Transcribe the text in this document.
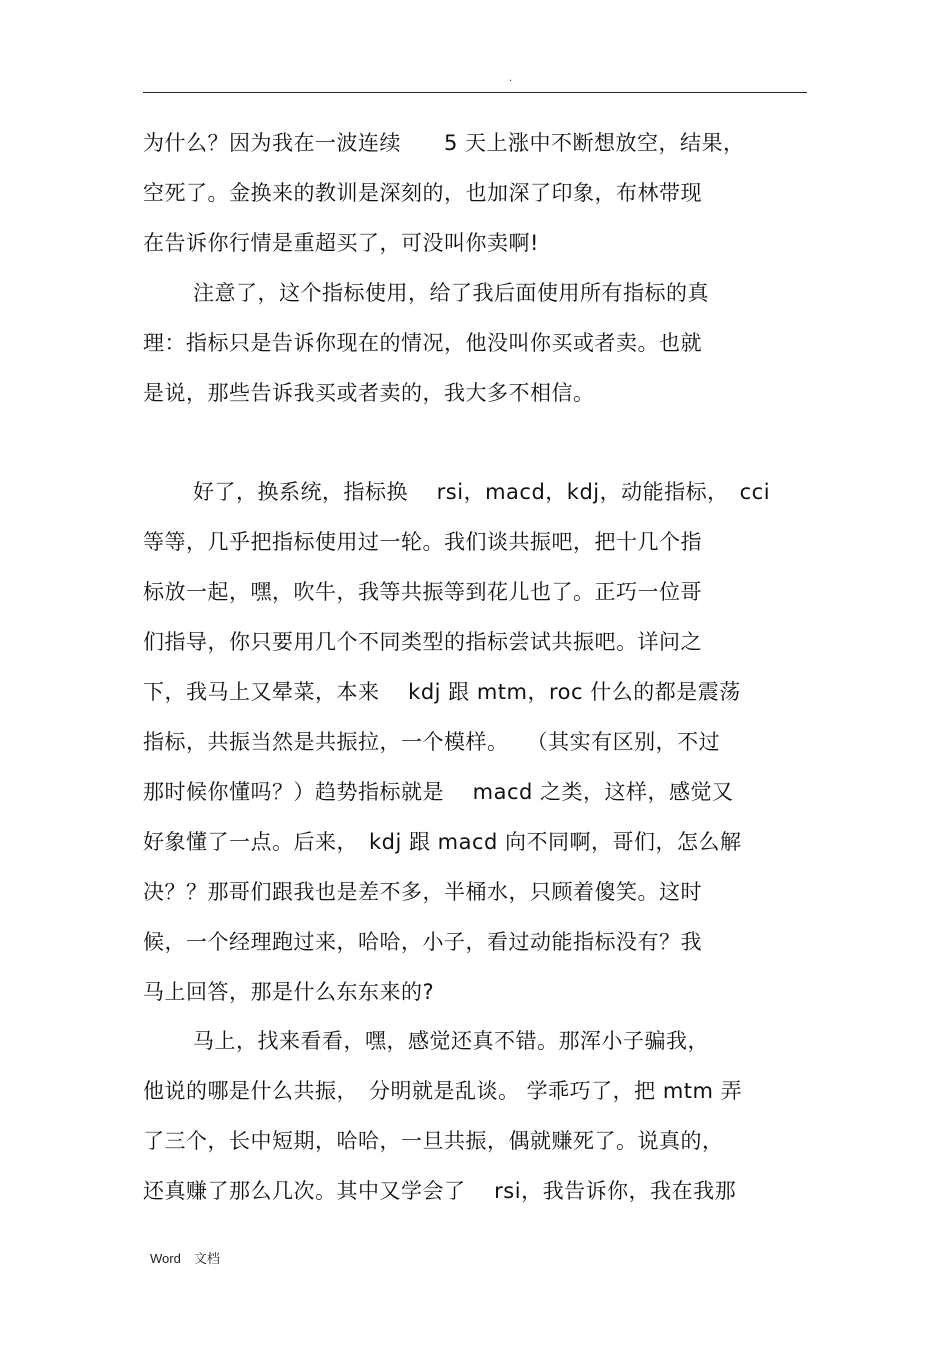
.
为什么？因为我在一波连续　　5 天上涨中不断想放空，结果，
空死了。金换来的教训是深刻的，也加深了印象，布林带现
在告诉你行情是重超买了，可没叫你卖啊!
注意了，这个指标使用，给了我后面使用所有指标的真
理：指标只是告诉你现在的情况，他没叫你买或者卖。也就
是说，那些告诉我买或者卖的，我大多不相信。
好了，换系统，指标换　 rsi，macd，kdj，动能指标，　cci
等等，几乎把指标使用过一轮。我们谈共振吧，把十几个指
标放一起，嘿，吹牛，我等共振等到花儿也了。正巧一位哥
们指导，你只要用几个不同类型的指标尝试共振吧。详问之
下，我马上又晕菜，本来　 kdj 跟 mtm，roc 什么的都是震荡
指标，共振当然是共振拉，一个模样。　 （其实有区别，不过
那时候你懂吗？）趋势指标就是　 macd 之类，这样，感觉又
好象懂了一点。后来，　kdj 跟 macd 向不同啊，哥们，怎么解
决？？那哥们跟我也是差不多，半桶水，只顾着傻笑。这时
候，一个经理跑过来，哈哈，小子，看过动能指标没有？我
马上回答，那是什么东东来的?
马上，找来看看，嘿，感觉还真不错。那浑小子骗我，
他说的哪是什么共振，　分明就是乱谈。 学乖巧了，把 mtm 弄
了三个，长中短期，哈哈，一旦共振，偶就赚死了。说真的，
还真赚了那么几次。其中又学会了　 rsi，我告诉你，我在我那
Word　文档
